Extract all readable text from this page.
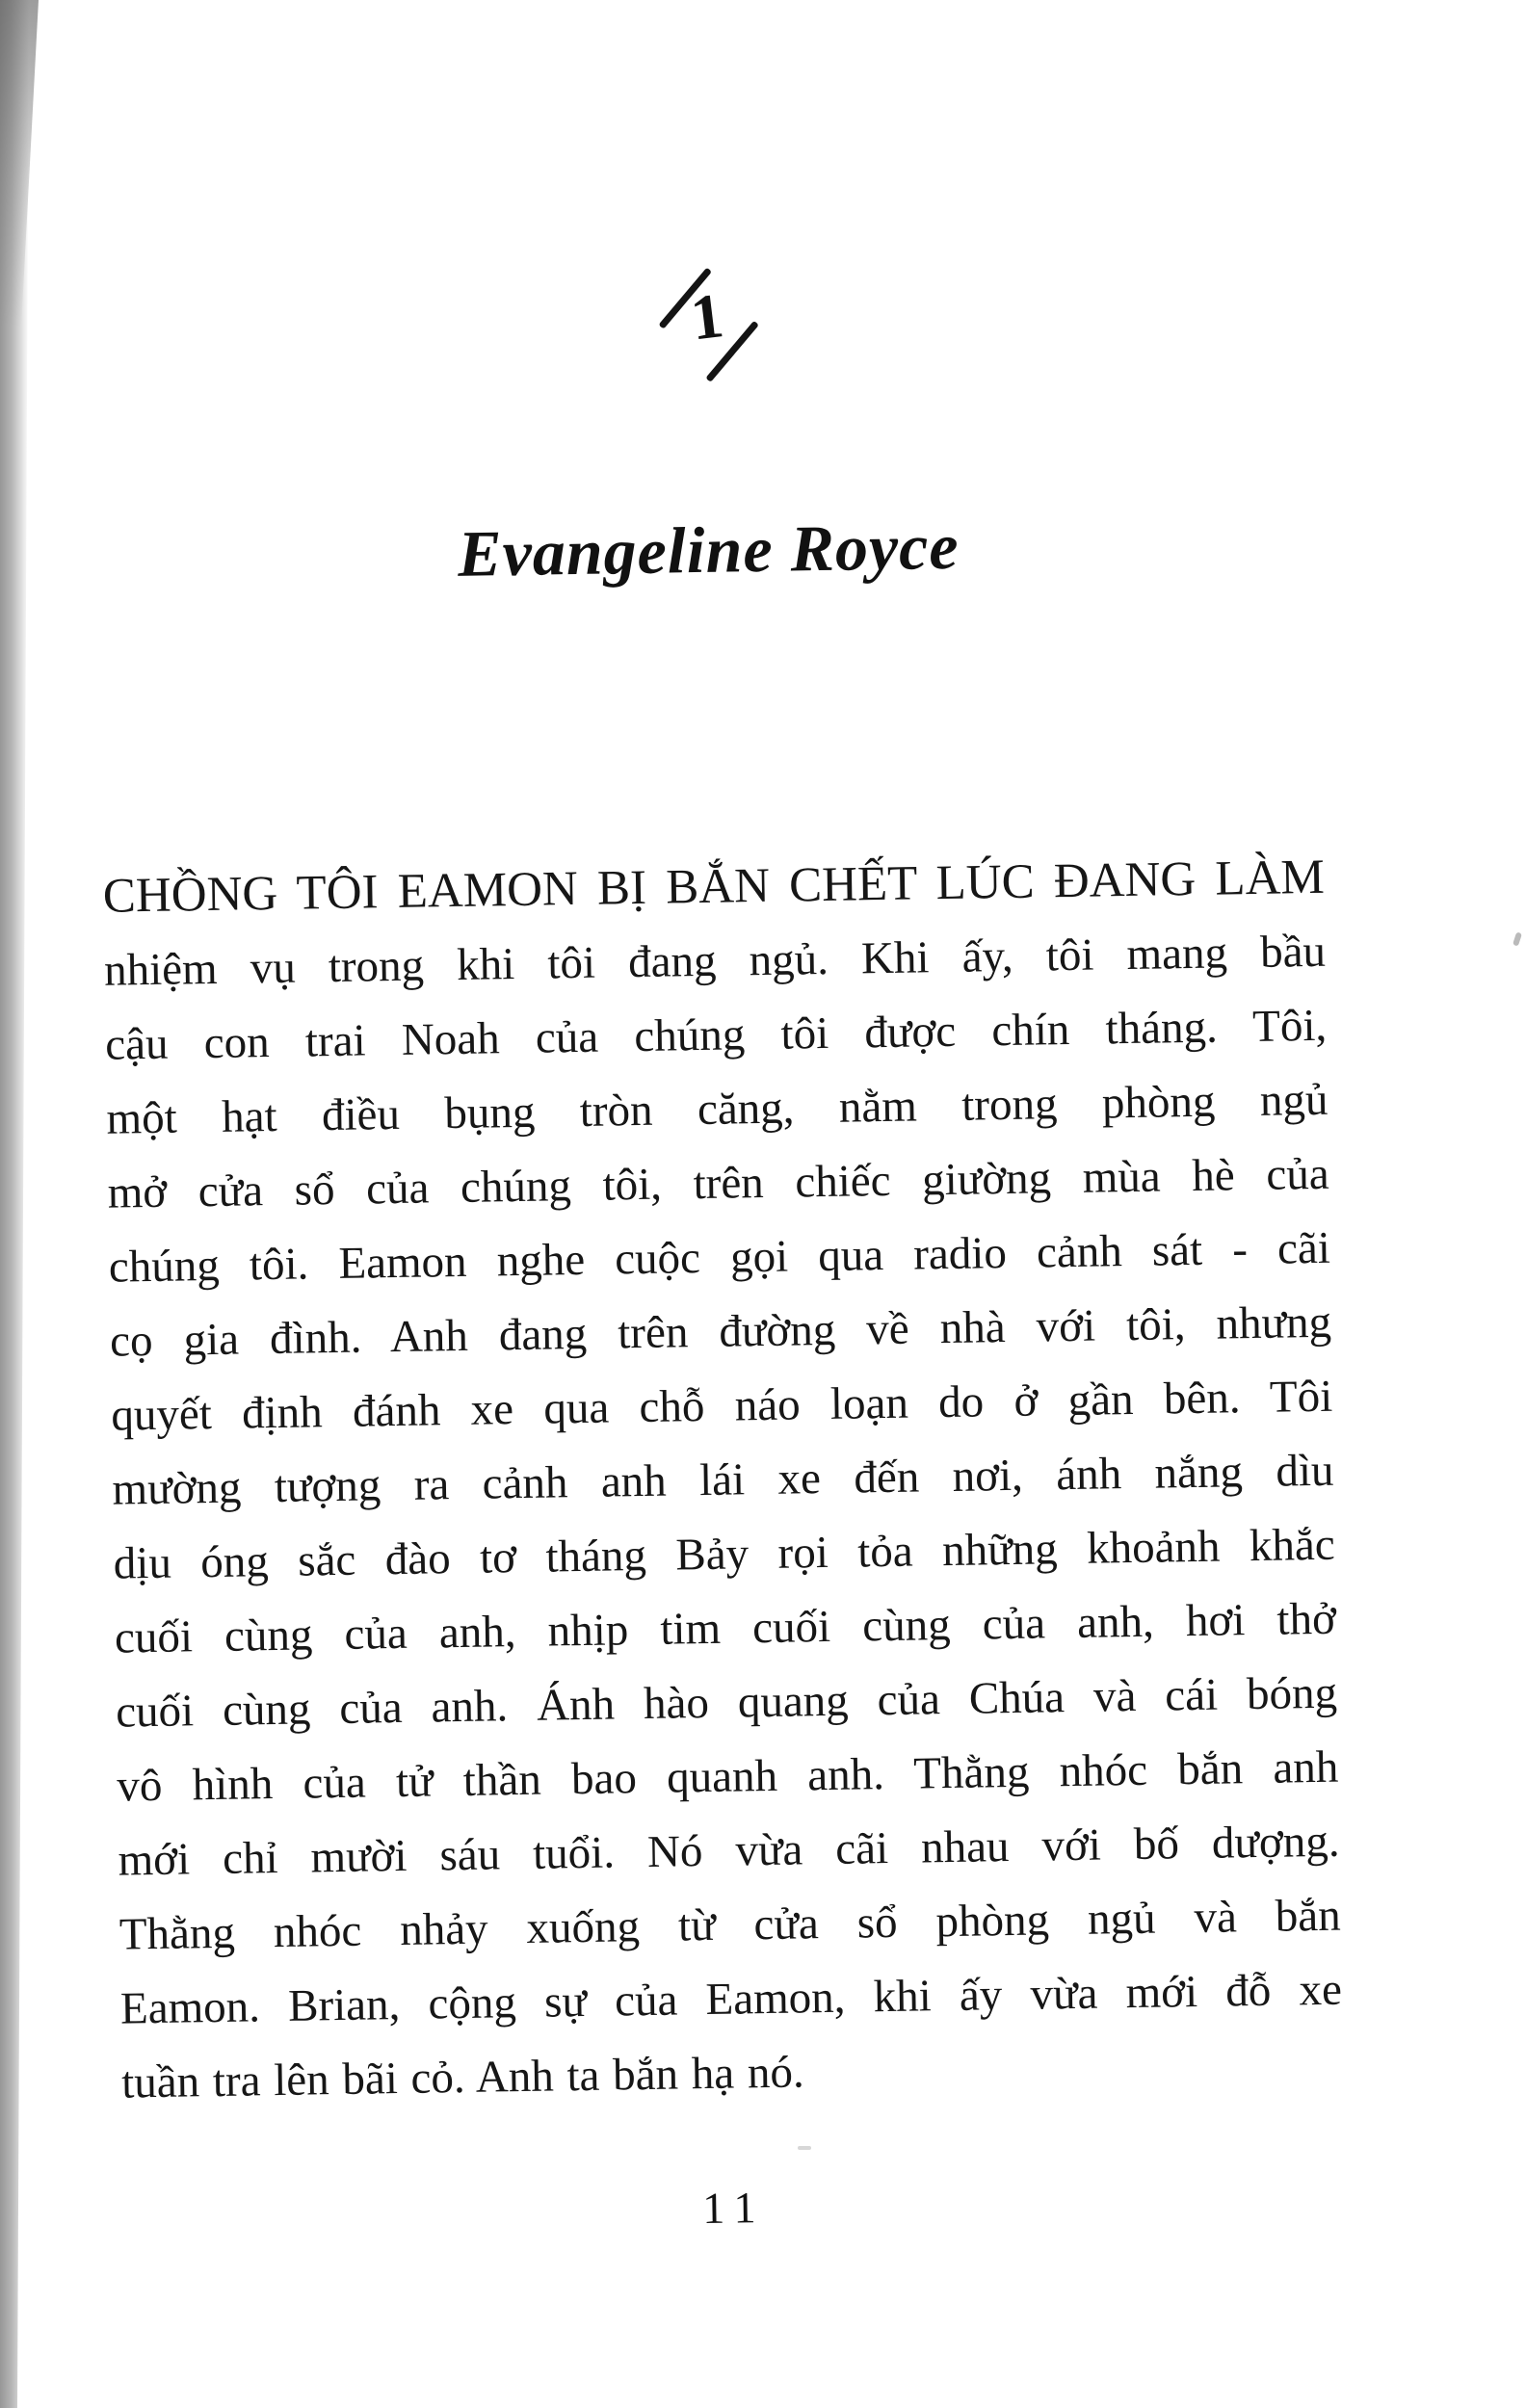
1
Evangeline Royce
CHỒNG TÔI EAMON BỊ BẮN CHẾT LÚC ĐANG LÀM
nhiệm vụ trong khi tôi đang ngủ. Khi ấy, tôi mang bầu
cậu con trai Noah của chúng tôi được chín tháng. Tôi,
một hạt điều bụng tròn căng, nằm trong phòng ngủ
mở cửa sổ của chúng tôi, trên chiếc giường mùa hè của
chúng tôi. Eamon nghe cuộc gọi qua radio cảnh sát - cãi
cọ gia đình. Anh đang trên đường về nhà với tôi, nhưng
quyết định đánh xe qua chỗ náo loạn do ở gần bên. Tôi
mường tượng ra cảnh anh lái xe đến nơi, ánh nắng dìu
dịu óng sắc đào tơ tháng Bảy rọi tỏa những khoảnh khắc
cuối cùng của anh, nhịp tim cuối cùng của anh, hơi thở
cuối cùng của anh. Ánh hào quang của Chúa và cái bóng
vô hình của tử thần bao quanh anh. Thằng nhóc bắn anh
mới chỉ mười sáu tuổi. Nó vừa cãi nhau với bố dượng.
Thằng nhóc nhảy xuống từ cửa sổ phòng ngủ và bắn
Eamon. Brian, cộng sự của Eamon, khi ấy vừa mới đỗ xe
tuần tra lên bãi cỏ. Anh ta bắn hạ nó.
11
